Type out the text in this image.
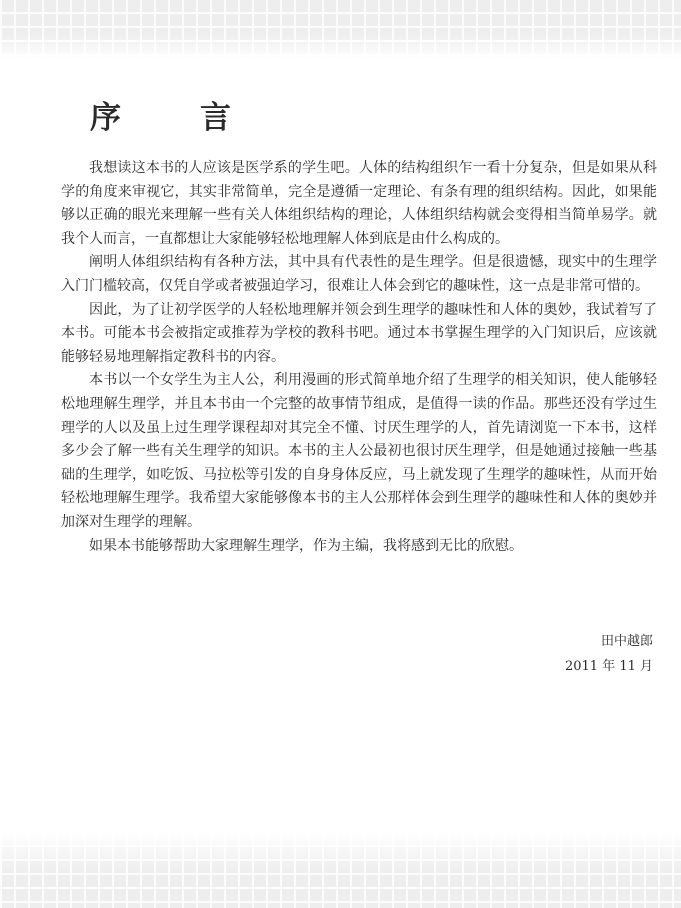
序　言

我想读这本书的人应该是医学系的学生吧。人体的结构组织乍一看十分复杂，但是如果从科学的角度来审视它，其实非常简单，完全是遵循一定理论、有条有理的组织结构。因此，如果能够以正确的眼光来理解一些有关人体组织结构的理论，人体组织结构就会变得相当简单易学。就我个人而言，一直都想让大家能够轻松地理解人体到底是由什么构成的。

阐明人体组织结构有各种方法，其中具有代表性的是生理学。但是很遗憾，现实中的生理学入门门槛较高，仅凭自学或者被强迫学习，很难让人体会到它的趣味性，这一点是非常可惜的。

因此，为了让初学医学的人轻松地理解并领会到生理学的趣味性和人体的奥妙，我试着写了本书。可能本书会被指定或推荐为学校的教科书吧。通过本书掌握生理学的入门知识后，应该就能够轻易地理解指定教科书的内容。

本书以一个女学生为主人公，利用漫画的形式简单地介绍了生理学的相关知识，使人能够轻松地理解生理学，并且本书由一个完整的故事情节组成，是值得一读的作品。那些还没有学过生理学的人以及虽上过生理学课程却对其完全不懂、讨厌生理学的人，首先请浏览一下本书，这样多少会了解一些有关生理学的知识。本书的主人公最初也很讨厌生理学，但是她通过接触一些基础的生理学，如吃饭、马拉松等引发的自身身体反应，马上就发现了生理学的趣味性，从而开始轻松地理解生理学。我希望大家能够像本书的主人公那样体会到生理学的趣味性和人体的奥妙并加深对生理学的理解。

如果本书能够帮助大家理解生理学，作为主编，我将感到无比的欣慰。

田中越郎
2011 年 11 月
